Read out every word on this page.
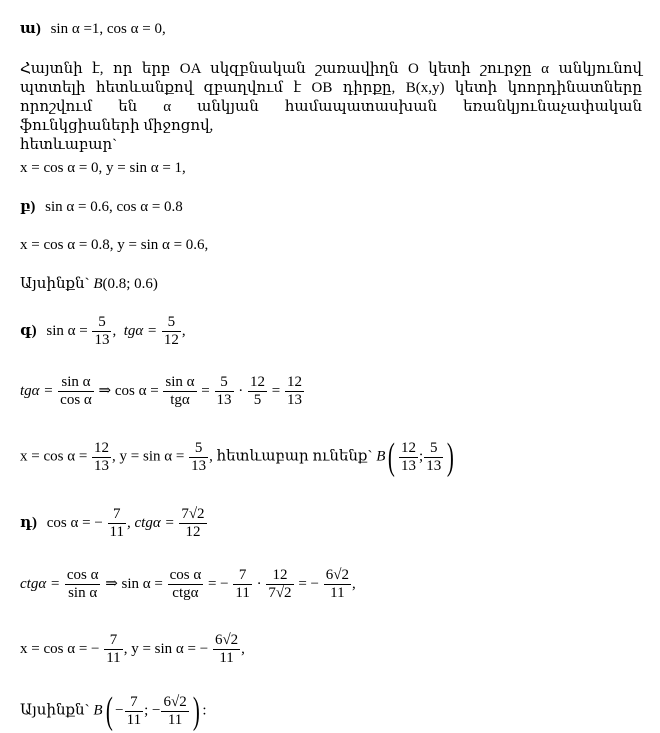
ա) sin α =1, cos α = 0,
Հայտնի է, որ երբ OA սկզբնական շառավիղն O կետի շուրջը α անկյունով պտտելի հետևանքով զբաղվում է OB դիրքը, B(x,y) կետի կոորդինատները որոշվում են α անկյան համապատասխան եռանկյունաչափական ֆունկցիաների միջոցով,
հետևաբար`
x = cos α = 0, y = sin α = 1,
բ) sin α = 0.6, cos α = 0.8
x = cos α = 0.8, y = sin α = 0.6,
Այսինքն` B(0.8; 0.6)
գ) $\sin \alpha = \frac{5}{13}$ ,  $tg\alpha = \frac{5}{12}$ ,
$tg\alpha = \frac{\text{sin α}}{\text{cos α}}$ ⇒ $\cos \alpha = \frac{\text{sin α}}{\text{tgα}} = \frac{5}{13} \cdot \frac{12}{5} = \frac{12}{13}$
$x = \cos \alpha = \frac{12}{13}$ , $y = \sin \alpha = \frac{5}{13}$ , հետևաբար ունենք` $B( \frac{12}{13}$ ; $\frac{5}{13}$ )
դ) cos α = − $\frac{7}{11}$ , $ctg\alpha = \frac{7√2}{12}$
$ctg\alpha = \frac{\text{cos α}}{\text{sin α}}$ ⇒ $\sin \alpha = \frac{\text{cos α}}{\text{ctgα}}$ = − $\frac{7}{11} \cdot \frac{12}{7√2}$ = − $\frac{6√2}{11}$ ,
x = cos α = − $\frac{7}{11}$ , y = sin α = − $\frac{6√2}{11}$ ,
Այսինքն` $B( - \frac{7}{11}$ ; − $\frac{6√2}{11}$ ) :
